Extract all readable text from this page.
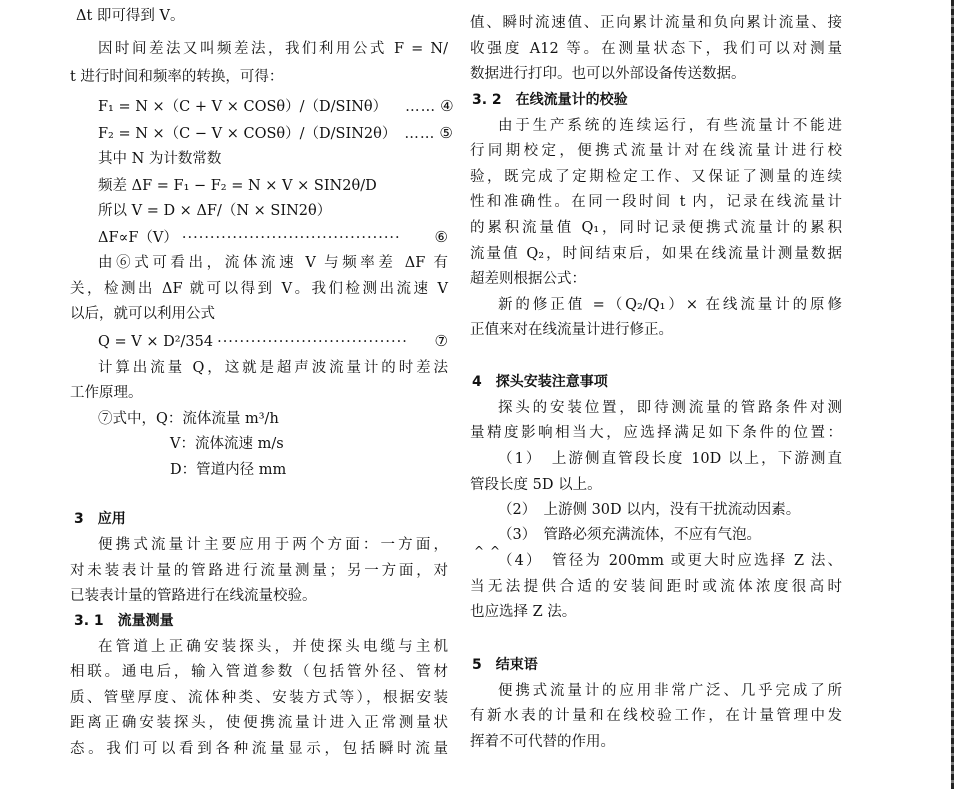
Δt 即可得到 V。
因时间差法又叫频差法，我们利用公式 F = N/
t 进行时间和频率的转换，可得：
F₁ = N ×（C + V × COSθ）/（D/SINθ）	…… ④
F₂ = N ×（C − V × COSθ）/（D/SIN2θ） …… ⑤
其中 N 为计数常数
频差 ΔF = F₁ − F₂ = N × V × SIN2θ/D
所以 V = D × ΔF/（N × SIN2θ）
ΔF∝F（V） ·······································	⑥
由⑥式可看出，流体流速 V 与频率差 ΔF 有
关，检测出 ΔF 就可以得到 V。我们检测出流速 V
以后，就可以利用公式
Q = V × D²/354 ··································	⑦
计算出流量 Q，这就是超声波流量计的时差法
工作原理。
⑦式中，Q：流体流量 m³/h
V：流体流速 m/s
D：管道内径 mm
3　应用
便携式流量计主要应用于两个方面：一方面，
对未装表计量的管路进行流量测量；另一方面，对
已装表计量的管路进行在线流量校验。
3. 1　流量测量
在管道上正确安装探头，并使探头电缆与主机
相联。通电后，输入管道参数（包括管外径、管材
质、管壁厚度、流体种类、安装方式等），根据安装
距离正确安装探头，使便携流量计进入正常测量状
态。我们可以看到各种流量显示，包括瞬时流量
值、瞬时流速值、正向累计流量和负向累计流量、接
收强度 A12 等。在测量状态下，我们可以对测量
数据进行打印。也可以外部设备传送数据。
3. 2　在线流量计的校验
由于生产系统的连续运行，有些流量计不能进
行同期校定，便携式流量计对在线流量计进行校
验，既完成了定期检定工作、又保证了测量的连续
性和准确性。在同一段时间 t 内，记录在线流量计
的累积流量值 Q₁，同时记录便携式流量计的累积
流量值 Q₂，时间结束后，如果在线流量计测量数据
超差则根据公式：
新的修正值 =（Q₂/Q₁）× 在线流量计的原修
正值来对在线流量计进行修正。
4　探头安装注意事项
探头的安装位置，即待测流量的管路条件对测
量精度影响相当大，应选择满足如下条件的位置：
（1）　上游侧直管段长度 10D 以上，下游测直
管段长度 5D 以上。
（2）　上游侧 30D 以内，没有干扰流动因素。
（3）　管路必须充满流体，不应有气泡。
（4）　管径为 200mm 或更大时应选择 Z 法、
当无法提供合适的安装间距时或流体浓度很高时
也应选择 Z 法。
5　结束语
便携式流量计的应用非常广泛、几乎完成了所
有新水表的计量和在线校验工作，在计量管理中发
挥着不可代替的作用。
^ ^
